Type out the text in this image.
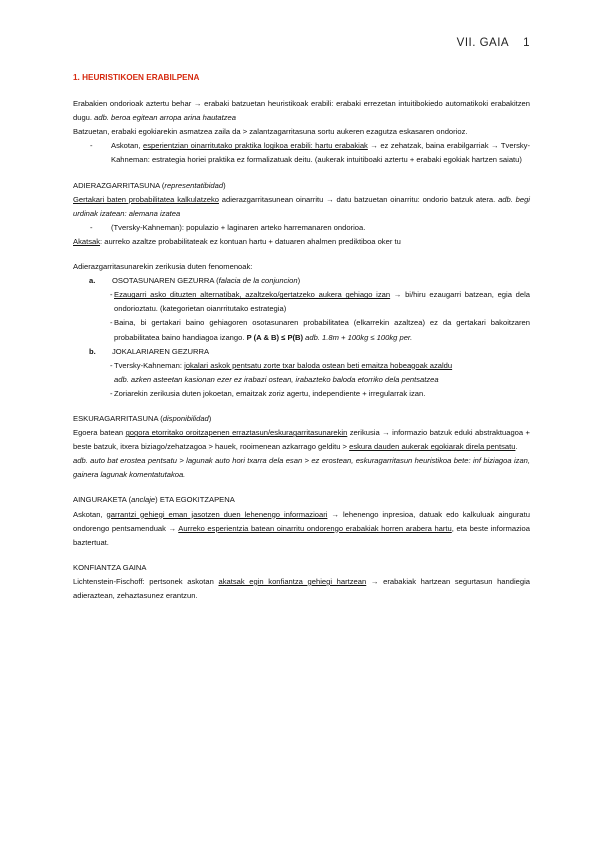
VII. GAIA 1
1. HEURISTIKOEN ERABILPENA

Erabakien ondorioak aztertu behar → erabaki batzuetan heuristikoak erabili: erabaki errezetan intuitibokiedo automatikoki erabakitzen dugu. adb. beroa egitean arropa arina hautatzea

Batzuetan, erabaki egokiarekin asmatzea zaila da > zalantzagarritasuna sortu aukeren ezagutza eskasaren ondorioz.

- Askotan, esperientzian oinarritutako praktika logikoa erabili: hartu erabakiak → ez zehatzak, baina erabilgarriak → Tversky-Kahneman: estrategia horiei praktika ez formalizatuak deitu. (aukerak intuitiboaki aztertu + erabaki egokiak hartzen saiatu)
ADIERAZGARRITASUNA (representatibidad)

Gertakari baten probabilitatea kalkulatzeko adierazgarritasunean oinarritu → datu batzuetan oinarritu: ondorio batzuk atera. adb. begi urdinak izatean: alemana izatea

- (Tversky-Kahneman): populazio + laginaren arteko harremanaren ondorioa.

Akatsak: aurreko azaltze probabilitateak ez kontuan hartu + datuaren ahalmen prediktiboa oker tu

Adierazgarritasunarekin zerikusia duten fenomenoak:

a. OSOTASUNAREN GEZURRA (falacia de la conjuncion)
- Ezaugarri asko dituzten alternatibak, azaltzeko/gertatzeko aukera gehiago izan → bi/hiru ezaugarri batzean, egia dela ondorioztatu. (kategorietan oianrritutako estrategia)
- Baina, bi gertakari baino gehiagoren osotasunaren probabilitatea (elkarrekin azaltzea) ez da gertakari bakoitzaren probabilitatea baino handiagoa izango. P (A & B) ≤ P(B) adb. 1.8m + 100kg ≤ 100kg per.
b. JOKALARIAREN GEZURRA
- Tversky-Kahneman: jokalari askok pentsatu zorte txar baloda ostean beti emaitza hobeagoak azaldu
adb. azken asteetan kasionan ezer ez irabazi ostean, irabazteko baloda etorriko dela pentsatzea
- Zoriarekin zerikusia duten jokoetan, emaitzak zoriz agertu, independiente + irregularrak izan.
ESKURAGARRITASUNA (disponibilidad)

Egoera batean gogora etorritako oroitzapenen erraztasun/eskuragarritasunarekin zerikusia → informazio batzuk eduki abstraktuagoa + beste batzuk, itxera biziago/zehatzagoa > hauek, rooimenean azkarrago gelditu > eskura dauden aukerak egokiarak direla pentsatu.

adb. auto bat erostea pentsatu > lagunak auto hori txarra dela esan > ez erostean, eskuragarritasun heuristikoa bete: inf biziagoa izan, gainera lagunak komentatutakoa.

AINGURAKETA (anclaje) ETA EGOKITZAPENA

Askotan, garrantzi gehiegi eman jasotzen duen lehenengo informazioari → lehenengo inpresioa, datuak edo kalkuluak ainguratu ondorengo pentsamenduak → Aurreko esperientzia batean oinarritu ondorengo erabakiak horren arabera hartu, eta beste informazioa baztertuat.

KONFIANTZA GAINA

Lichtenstein-Fischoff: pertsonek askotan akatsak egin konfiantza gehiegi hartzean → erabakiak hartzean segurtasun handiegia adieraztean, zehaztasunez erantzun.
